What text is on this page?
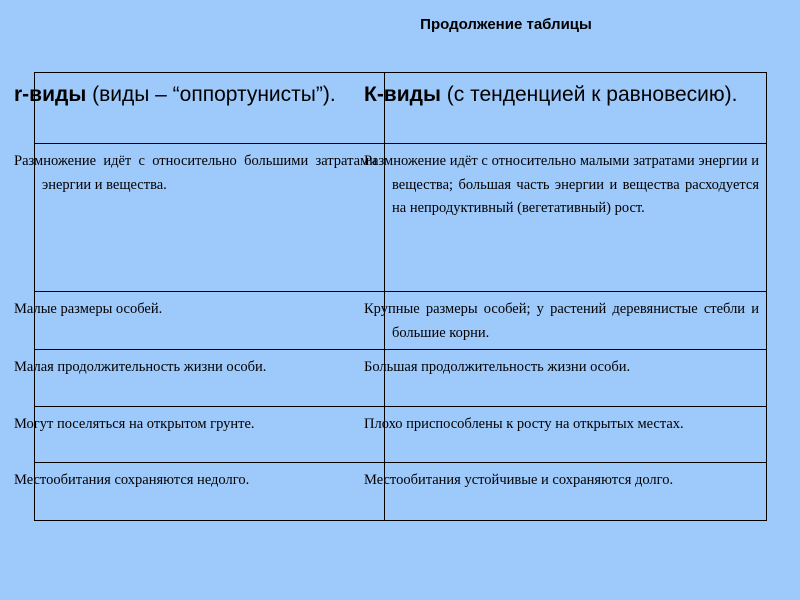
Продолжение таблицы
r-виды (виды – “оппортунисты”).	К-виды (с тенденцией к равновесию).
Размножение идёт с относительно большими затратами энергии и вещества.	Размножение идёт с относительно малыми затратами энергии и вещества; большая часть энергии и вещества расходуется на непродуктивный (вегетативный) рост.
Малые размеры особей.	Крупные размеры особей; у растений деревянистые стебли и большие корни.
Малая продолжительность жизни особи.	Большая продолжительность жизни особи.
Могут поселяться на открытом грунте.	Плохо приспособлены к росту на открытых местах.
Местообитания сохраняются недолго.	Местообитания устойчивые и сохраняются долго.
